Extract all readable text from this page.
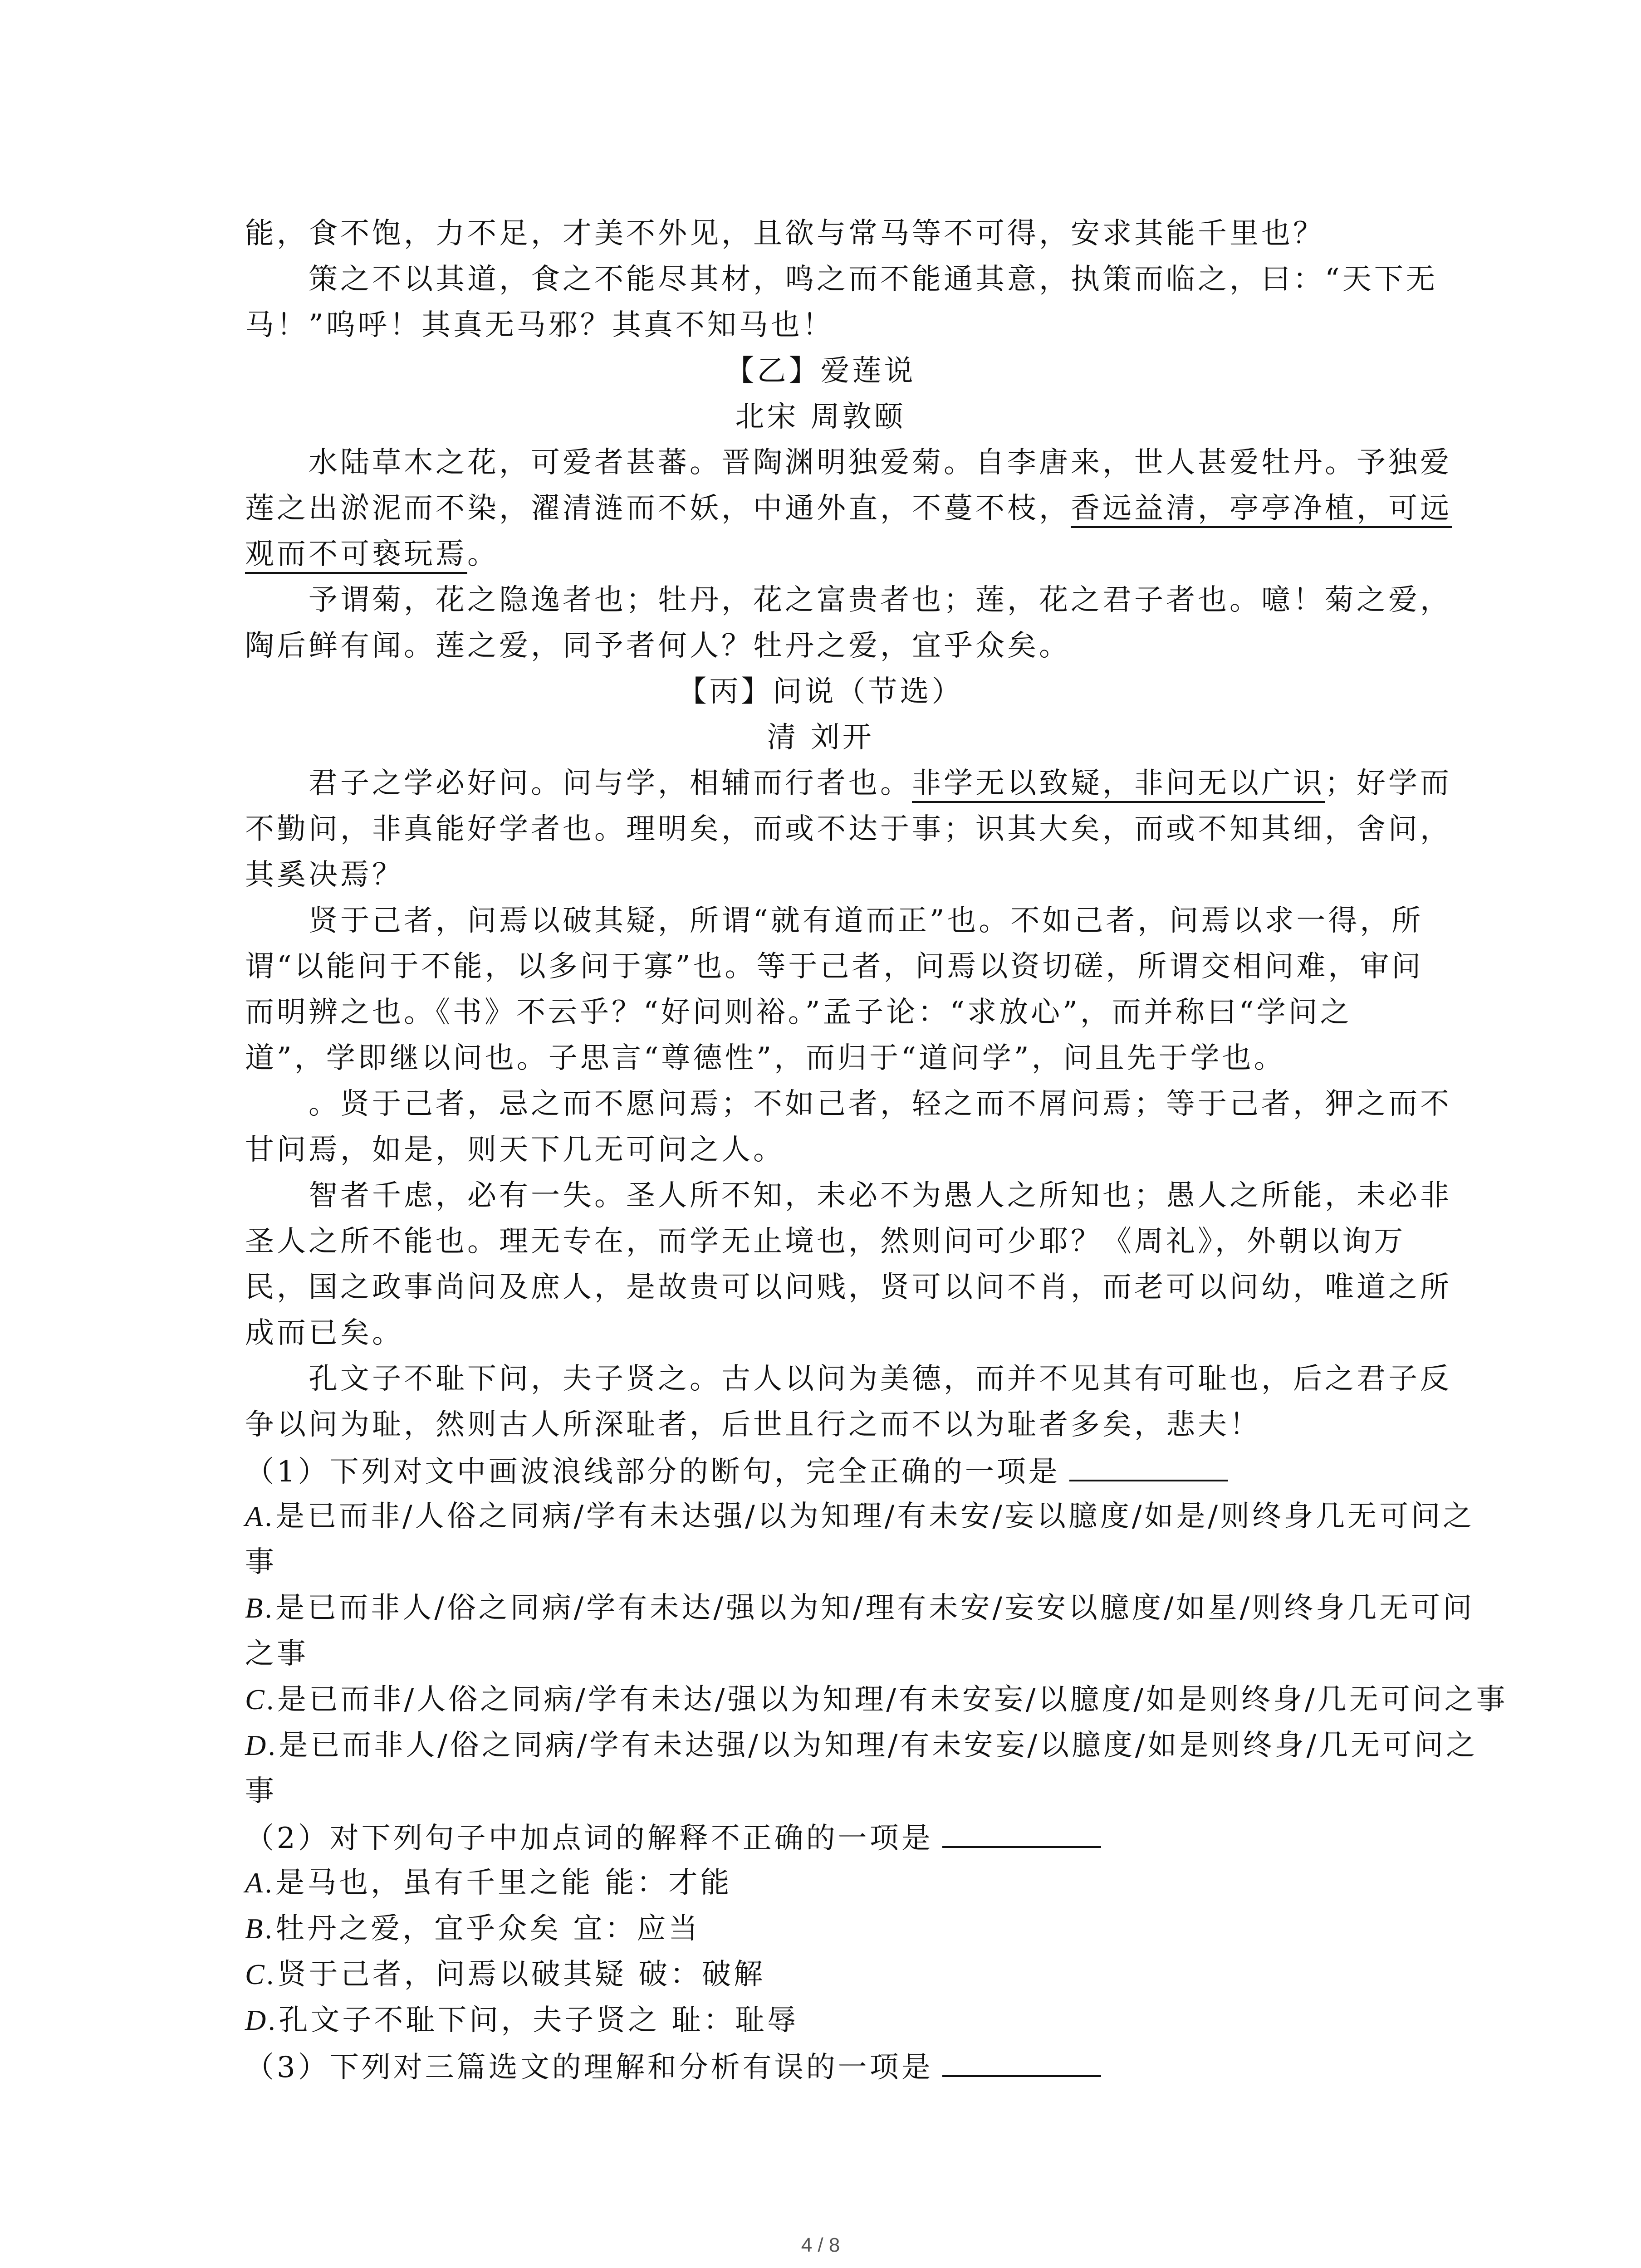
能，食不饱，力不足，才美不外见，且欲与常马等不可得，安求其能千里也？
　　策之不以其道，食之不能尽其材，鸣之而不能通其意，执策而临之，曰：“天下无
马！”呜呼！其真无马邪？其真不知马也！
【乙】爱莲说
北宋 周敦颐
　　水陆草木之花，可爱者甚蕃。晋陶渊明独爱菊。自李唐来，世人甚爱牡丹。予独爱
莲之出淤泥而不染，濯清涟而不妖，中通外直，不蔓不枝，香远益清，亭亭净植，可远
观而不可亵玩焉。
　　予谓菊，花之隐逸者也；牡丹，花之富贵者也；莲，花之君子者也。噫！菊之爱，
陶后鲜有闻。莲之爱，同予者何人？牡丹之爱，宜乎众矣。
【丙】问说（节选）
清 刘开
　　君子之学必好问。问与学，相辅而行者也。非学无以致疑，非问无以广识；好学而
不勤问，非真能好学者也。理明矣，而或不达于事；识其大矣，而或不知其细，舍问，
其奚决焉？
　　贤于己者，问焉以破其疑，所谓“就有道而正”也。不如己者，问焉以求一得，所
谓“以能问于不能，以多问于寡”也。等于己者，问焉以资切磋，所谓交相问难，审问
而明辨之也。《书》不云乎？“好问则裕。”孟子论：“求放心”，而并称曰“学问之
道”，学即继以问也。子思言“尊德性”，而归于“道问学”，问且先于学也。
　　。贤于己者，忌之而不愿问焉；不如己者，轻之而不屑问焉；等于己者，狎之而不
甘问焉，如是，则天下几无可问之人。
　　智者千虑，必有一失。圣人所不知，未必不为愚人之所知也；愚人之所能，未必非
圣人之所不能也。理无专在，而学无止境也，然则问可少耶？《周礼》，外朝以询万
民，国之政事尚问及庶人，是故贵可以问贱，贤可以问不肖，而老可以问幼，唯道之所
成而已矣。
　　孔文子不耻下问，夫子贤之。古人以问为美德，而并不见其有可耻也，后之君子反
争以问为耻，然则古人所深耻者，后世且行之而不以为耻者多矣，悲夫！
（1）下列对文中画波浪线部分的断句，完全正确的一项是
A.是已而非/人俗之同病/学有未达强/以为知理/有未安/妄以臆度/如是/则终身几无可问之
事
B.是已而非人/俗之同病/学有未达/强以为知/理有未安/妄安以臆度/如星/则终身几无可问
之事
C.是已而非/人俗之同病/学有未达/强以为知理/有未安妄/以臆度/如是则终身/几无可问之事
D.是已而非人/俗之同病/学有未达强/以为知理/有未安妄/以臆度/如是则终身/几无可问之
事
（2）对下列句子中加点词的解释不正确的一项是
A.是马也，虽有千里之能 能：才能
B.牡丹之爱，宜乎众矣 宜：应当
C.贤于己者，问焉以破其疑 破：破解
D.孔文子不耻下问，夫子贤之 耻：耻辱
（3）下列对三篇选文的理解和分析有误的一项是
4 / 8
